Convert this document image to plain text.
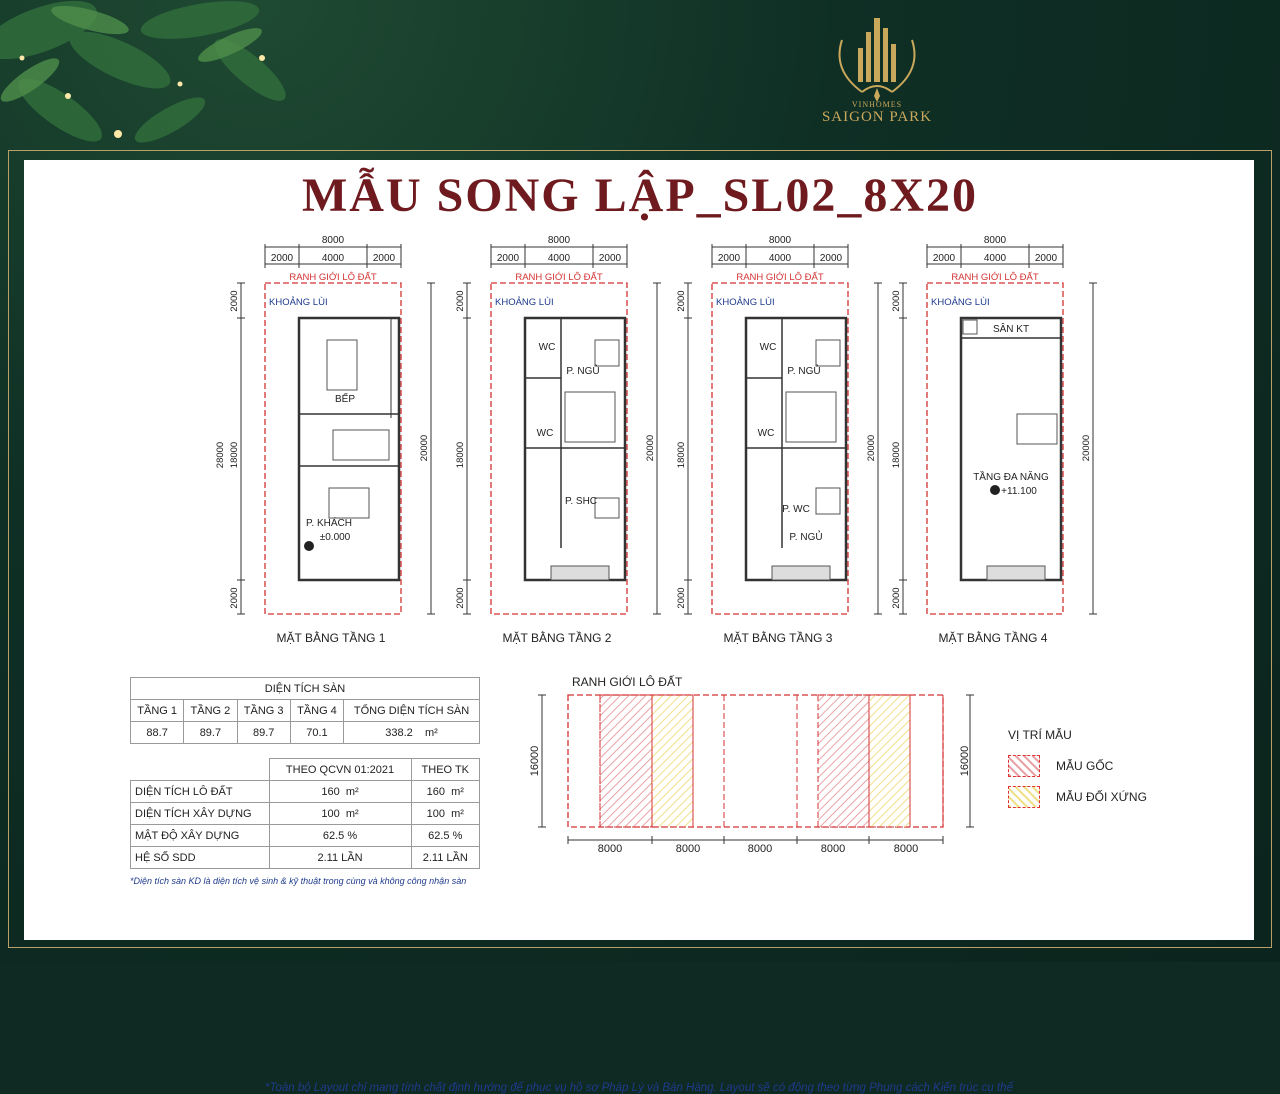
VINHOMES
SAIGON PARK
*Toàn bộ Layout chỉ mang tính chất định hướng để phục vụ hồ sơ Pháp Lý và Bán Hàng. Layout sẽ có động theo từng Phung cách Kiến trúc cụ thể
MẪU SONG LẬP_SL02_8X20
8000
2000	4000	2000
RANH GIỚI LÔ ĐẤT
KHOẢNG LÙI
2000
18000
2000
28000	20000
MẶT BẰNG TẦNG 1
BẾP
P. KHÁCH
±0.000
8000
2000	4000	2000
RANH GIỚI LÔ ĐẤT
KHOẢNG LÙI
2000
18000
2000
20000
MẶT BẰNG TẦNG 2
WC
P. NGỦ
WC
P. SHC
8000
2000	4000	2000
RANH GIỚI LÔ ĐẤT
KHOẢNG LÙI
2000
18000
2000
20000
MẶT BẰNG TẦNG 3
WC
P. NGỦ
WC
P. WC
P. NGỦ
8000
2000	4000	2000
RANH GIỚI LÔ ĐẤT
KHOẢNG LÙI
2000
18000
2000
20000
MẶT BẰNG TẦNG 4
SÂN KT
TẦNG ĐA NĂNG
+11.100
RANH GIỚI LÔ ĐẤT
16000	16000
8000	8000	8000	8000	8000
DIỆN TÍCH SÀN				
TẦNG 1	TẦNG 2	TẦNG 3	TẦNG 4	TỔNG DIỆN TÍCH SÀN
88.7	89.7	89.7	70.1	338.2 m²
	THEO QCVN 01:2021	THEO TK
DIỆN TÍCH LÔ ĐẤT	160 m²	160 m²
DIỆN TÍCH XÂY DỰNG	100 m²	100 m²
MẬT ĐỘ XÂY DỰNG	62.5 %	62.5 %
HỆ SỐ SDD	2.11 LẦN	2.11 LẦN
*Diện tích sàn KD là diện tích vệ sinh & kỹ thuật trong cùng và không công nhận sàn
VỊ TRÍ MẪU
MẪU GỐC
MẪU ĐỐI XỨNG
